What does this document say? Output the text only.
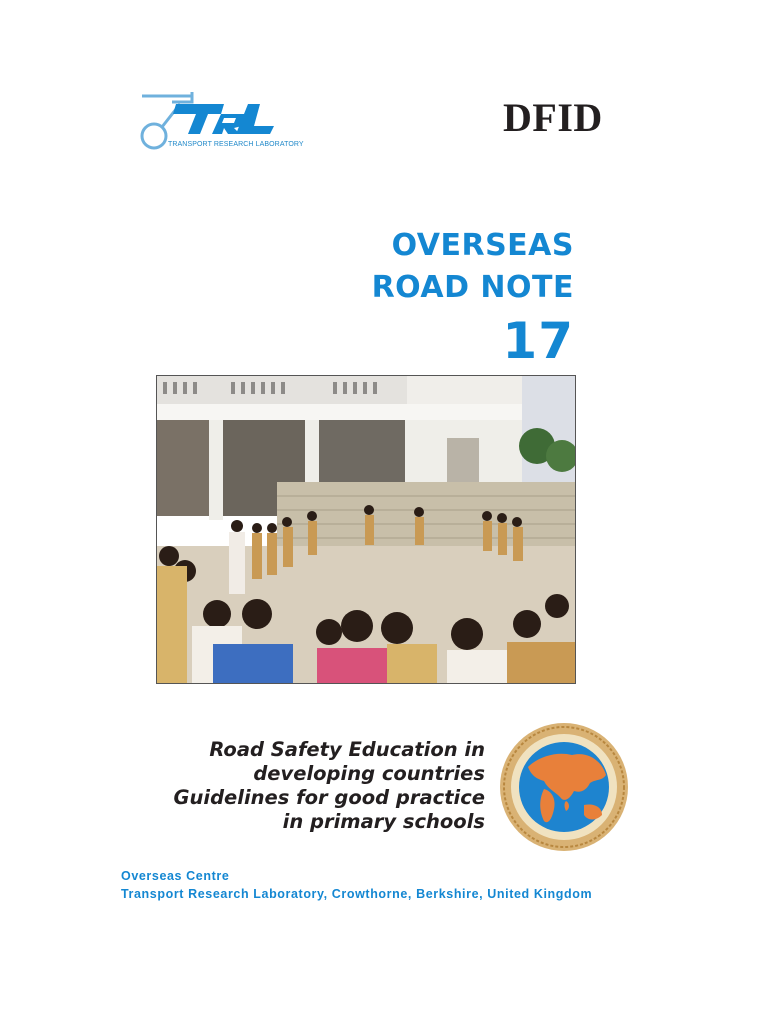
TRANSPORT RESEARCH LABORATORY
DFID
OVERSEAS
ROAD NOTE
17
Road Safety Education in
developing countries
Guidelines for good practice
in primary schools
Overseas Centre
Transport Research Laboratory, Crowthorne, Berkshire, United Kingdom
